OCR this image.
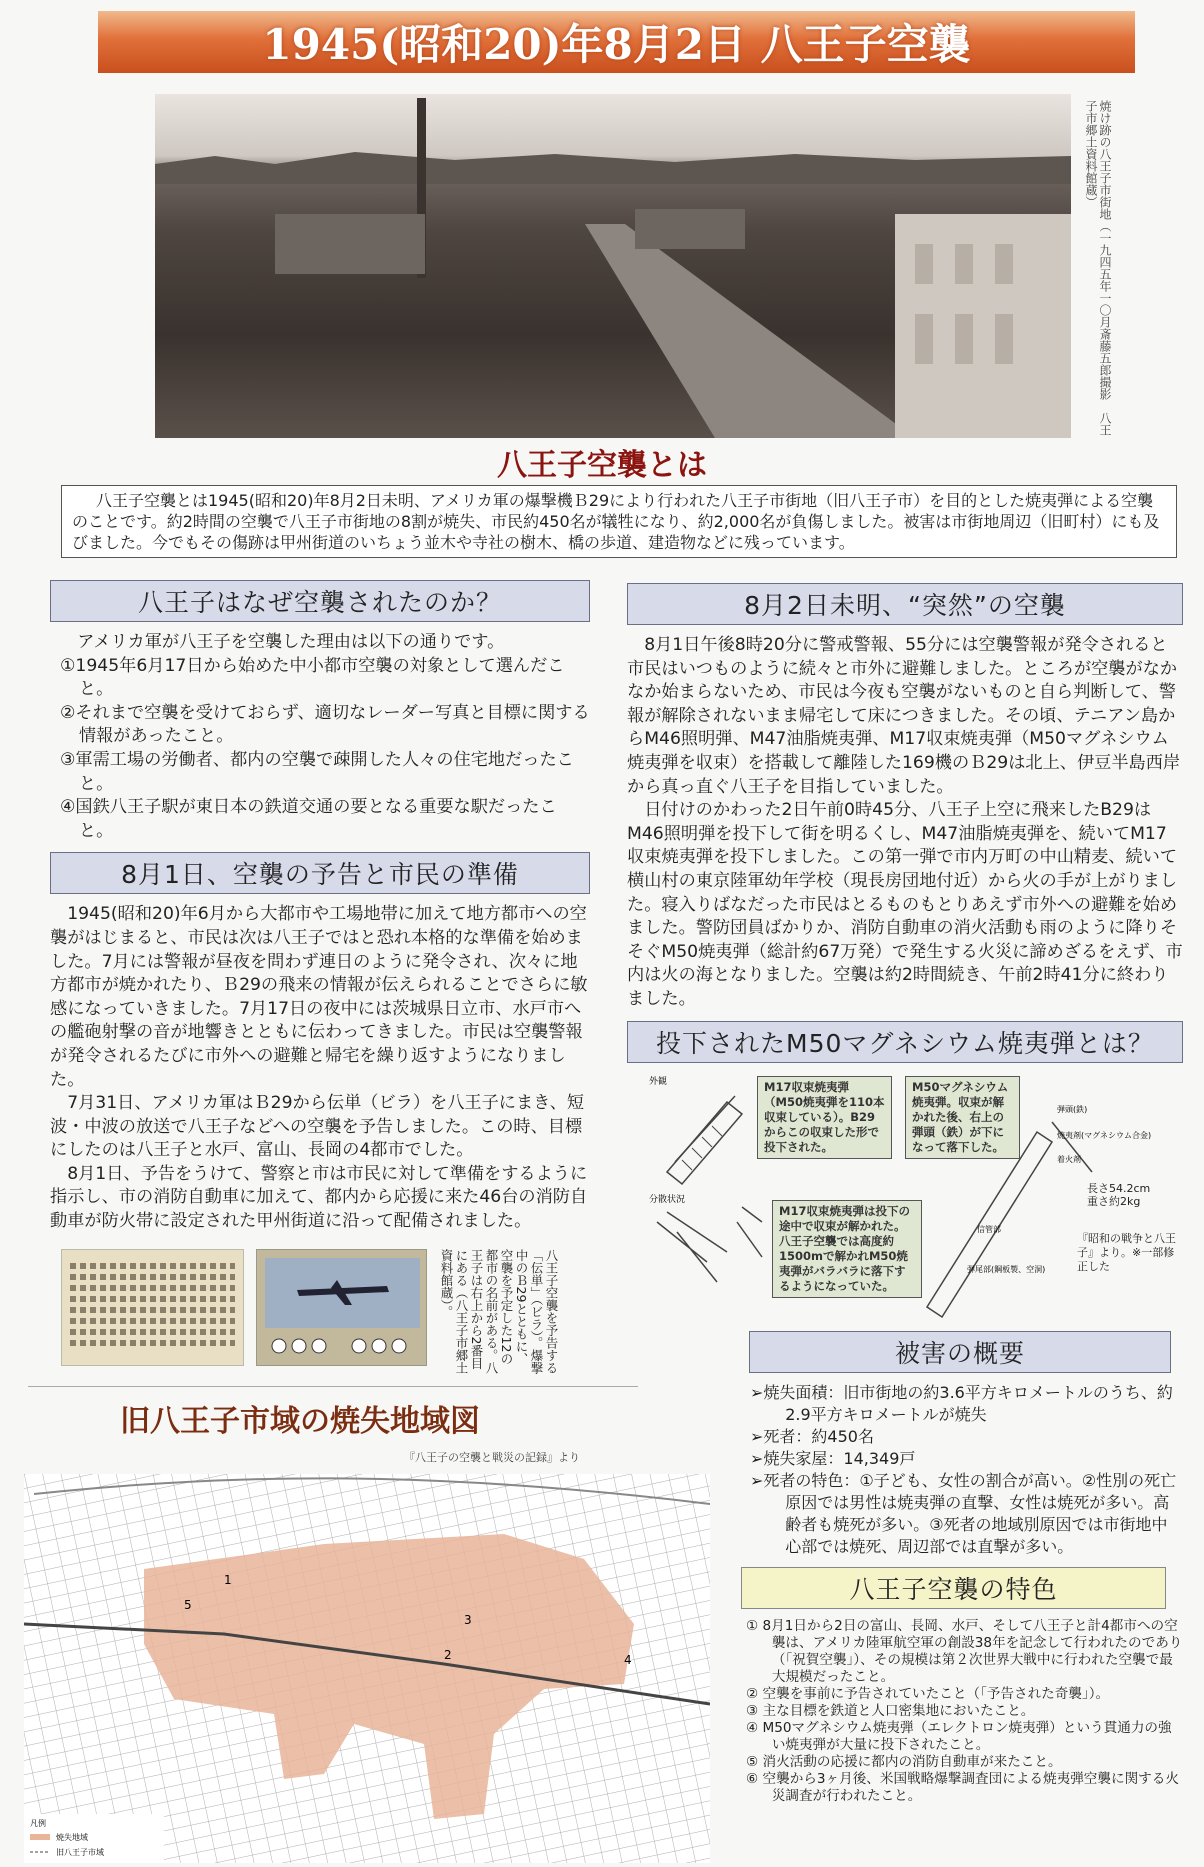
1945(昭和20)年8月2日 八王子空襲
焼け跡の八王子市街地（一九四五年一〇月斎藤五郎撮影　八王子市郷土資料館蔵）
八王子空襲とは
八王子空襲とは1945(昭和20)年8月2日未明、アメリカ軍の爆撃機Ｂ29により行われた八王子市街地（旧八王子市）を目的とした焼夷弾による空襲のことです。約2時間の空襲で八王子市街地の8割が焼失、市民約450名が犠牲になり、約2,000名が負傷しました。被害は市街地周辺（旧町村）にも及びました。今でもその傷跡は甲州街道のいちょう並木や寺社の樹木、橋の歩道、建造物などに残っています。
八王子はなぜ空襲されたのか？

アメリカ軍が八王子を空襲した理由は以下の通りです。

①1945年6月17日から始めた中小都市空襲の対象として選んだこと。
②それまで空襲を受けておらず、適切なレーダー写真と目標に関する情報があったこと。
③軍需工場の労働者、都内の空襲で疎開した人々の住宅地だったこと。
④国鉄八王子駅が東日本の鉄道交通の要となる重要な駅だったこと。
8月1日、空襲の予告と市民の準備

1945(昭和20)年6月から大都市や工場地帯に加えて地方都市への空襲がはじまると、市民は次は八王子ではと恐れ本格的な準備を始めました。7月には警報が昼夜を問わず連日のように発令され、次々に地方都市が焼かれたり、Ｂ29の飛来の情報が伝えられることでさらに敏感になっていきました。7月17日の夜中には茨城県日立市、水戸市への艦砲射撃の音が地響きとともに伝わってきました。市民は空襲警報が発令されるたびに市外への避難と帰宅を繰り返すようになりました。

7月31日、アメリカ軍はＢ29から伝単（ビラ）を八王子にまき、短波・中波の放送で八王子などへの空襲を予告しました。この時、目標にしたのは八王子と水戸、富山、長岡の4都市でした。

8月1日、予告をうけて、警察と市は市民に対して準備をするように指示し、市の消防自動車に加えて、都内から応援に来た46台の消防自動車が防火帯に設定された甲州街道に沿って配備されました。

八王子空襲を予告する「伝単」（ビラ）。爆撃中のＢ29とともに、空襲を予定した12の都市の名前がある。八王子は右上から2番目にある（八王子市郷土資料館蔵）。
旧八王子市域の焼失地域図
『八王子の空襲と戦災の記録』より
1
2
3
4
5
凡例
焼失地域
旧八王子市域
8月2日未明、“突然”の空襲

8月1日午後8時20分に警戒警報、55分には空襲警報が発令されると市民はいつものように続々と市外に避難しました。ところが空襲がなかなか始まらないため、市民は今夜も空襲がないものと自ら判断して、警報が解除されないまま帰宅して床につきました。その頃、テニアン島からM46照明弾、M47油脂焼夷弾、M17収束焼夷弾（M50マグネシウム焼夷弾を収束）を搭載して離陸した169機のＢ29は北上、伊豆半島西岸から真っ直ぐ八王子を目指していました。

日付けのかわった2日午前0時45分、八王子上空に飛来したB29はM46照明弾を投下して街を明るくし、M47油脂焼夷弾を、続いてM17収束焼夷弾を投下しました。この第一弾で市内万町の中山精麦、続いて横山村の東京陸軍幼年学校（現長房団地付近）から火の手が上がりました。寝入りばなだった市民はとるものもとりあえず市外への避難を始めました。警防団員ばかりか、消防自動車の消火活動も雨のように降りそそぐM50焼夷弾（総計約67万発）で発生する火災に諦めざるをえず、市内は火の海となりました。空襲は約2時間続き、午前2時41分に終わりました。

投下されたM50マグネシウム焼夷弾とは？
外観
分散状況
弾頭(鉄)
焼夷剤(マグネシウム合金)
着火剤
信管部
弾尾部(鋼板製、空洞)
M17収束焼夷弾（M50焼夷弾を110本収束している）。B29からこの収束した形で投下された。
M50マグネシウム焼夷弾。収束が解かれた後、右上の弾頭（鉄）が下になって落下した。
M17収束焼夷弾は投下の途中で収束が解かれた。八王子空襲では高度約1500mで解かれM50焼夷弾がバラバラに落下するようになっていた。
長さ54.2cm
重さ約2kg
『昭和の戦争と八王子』より。※一部修正した
被害の概要
➢焼失面積：旧市街地の約3.6平方キロメートルのうち、約2.9平方キロメートルが焼失
➢死者：約450名
➢焼失家屋：14,349戸
➢死者の特色：①子ども、女性の割合が高い。②性別の死亡原因では男性は焼夷弾の直撃、女性は焼死が多い。高齢者も焼死が多い。③死者の地域別原因では市街地中心部では焼死、周辺部では直撃が多い。
八王子空襲の特色
① 8月1日から2日の富山、長岡、水戸、そして八王子と計4都市への空襲は、アメリカ陸軍航空軍の創設38年を記念して行われたのであり（「祝賀空襲」）、その規模は第２次世界大戦中に行われた空襲で最大規模だったこと。
② 空襲を事前に予告されていたこと（「予告された奇襲」）。
③ 主な目標を鉄道と人口密集地においたこと。
④ M50マグネシウム焼夷弾（エレクトロン焼夷弾）という貫通力の強い焼夷弾が大量に投下されたこと。
⑤ 消火活動の応援に都内の消防自動車が来たこと。
⑥ 空襲から3ヶ月後、米国戦略爆撃調査団による焼夷弾空襲に関する火災調査が行われたこと。
